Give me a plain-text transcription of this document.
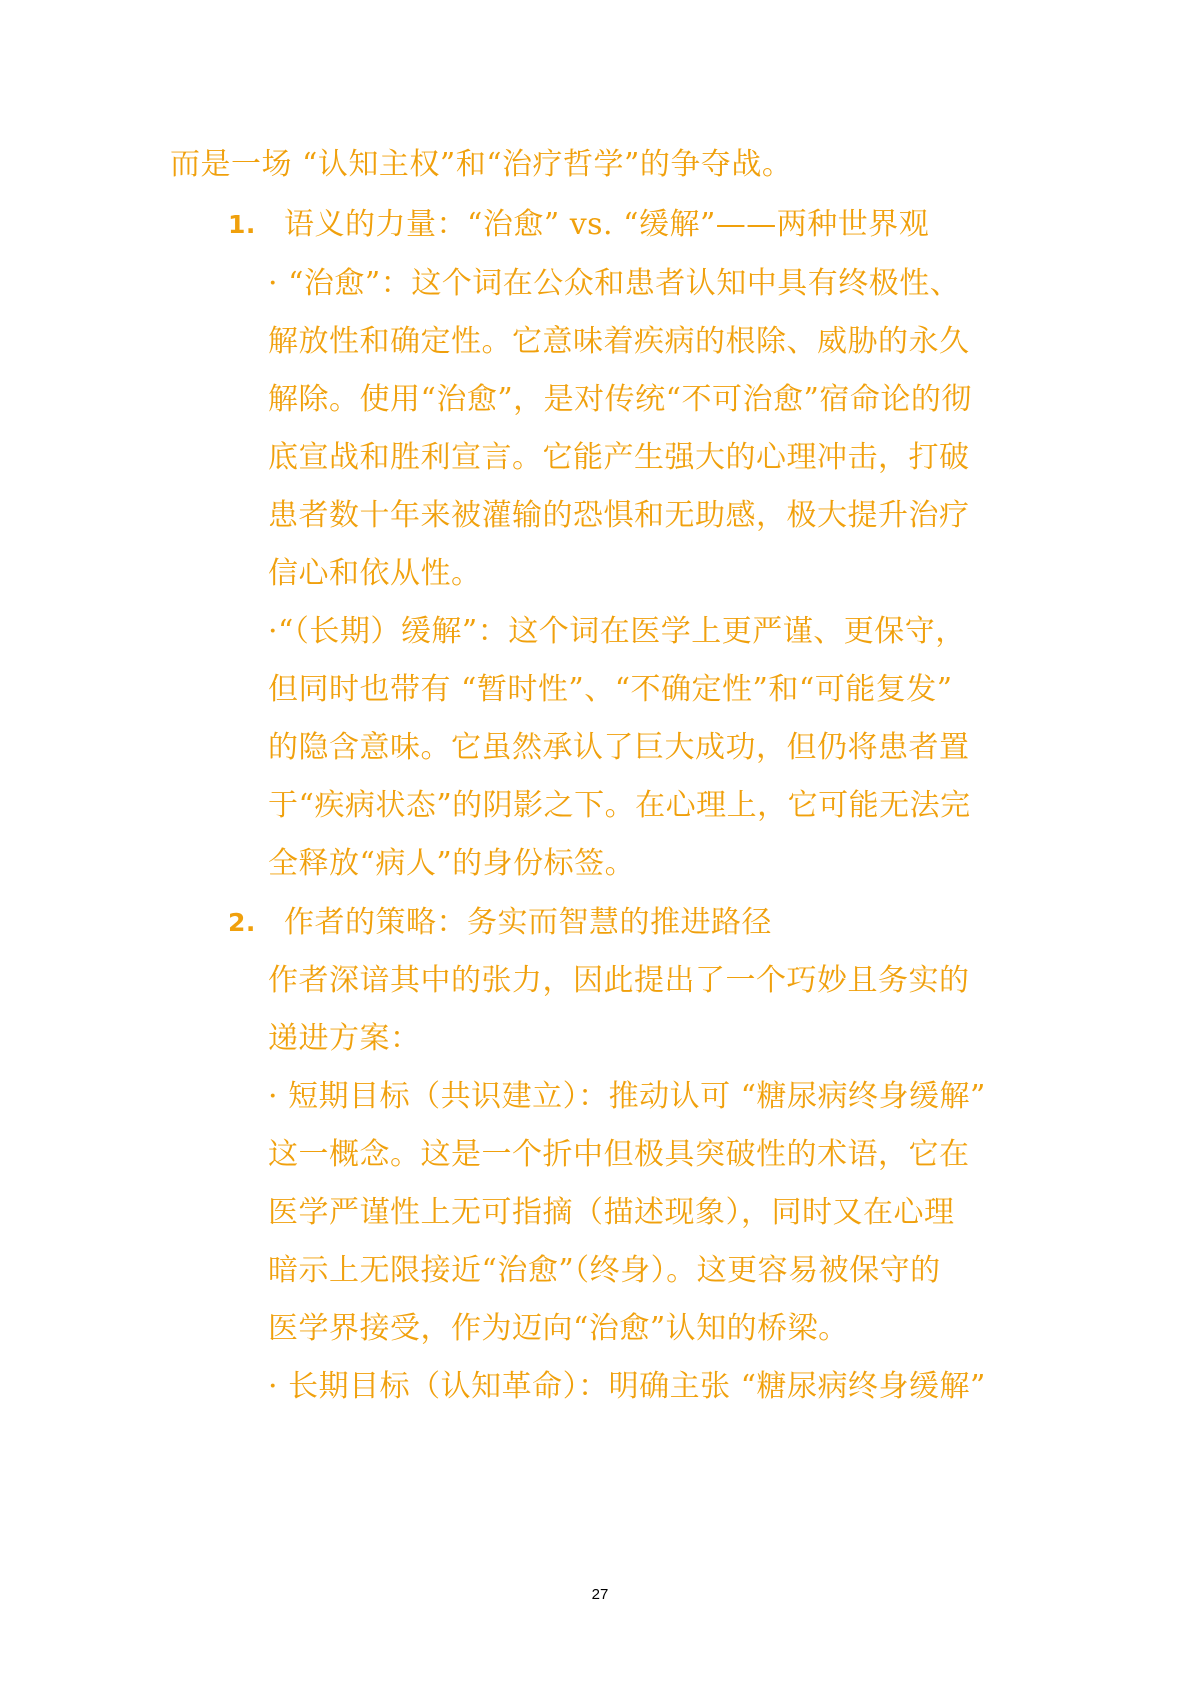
而是一场 “认知主权”和“治疗哲学”的争夺战。

1. 语义的力量：“治愈” vs. “缓解”——两种世界观

· “治愈”：这个词在公众和患者认知中具有终极性、

解放性和确定性。它意味着疾病的根除、威胁的永久

解除。使用“治愈”，是对传统“不可治愈”宿命论的彻

底宣战和胜利宣言。它能产生强大的心理冲击，打破

患者数十年来被灌输的恐惧和无助感，极大提升治疗

信心和依从性。

·“（长期）缓解”：这个词在医学上更严谨、更保守，

但同时也带有 “暂时性”、“不确定性”和“可能复发”

的隐含意味。它虽然承认了巨大成功，但仍将患者置

于“疾病状态”的阴影之下。在心理上，它可能无法完

全释放“病人”的身份标签。

2. 作者的策略：务实而智慧的推进路径

作者深谙其中的张力，因此提出了一个巧妙且务实的

递进方案：

· 短期目标（共识建立）：推动认可 “糖尿病终身缓解”

这一概念。这是一个折中但极具突破性的术语，它在

医学严谨性上无可指摘（描述现象），同时又在心理

暗示上无限接近“治愈”（终身）。这更容易被保守的

医学界接受，作为迈向“治愈”认知的桥梁。

· 长期目标（认知革命）：明确主张 “糖尿病终身缓解”

27
